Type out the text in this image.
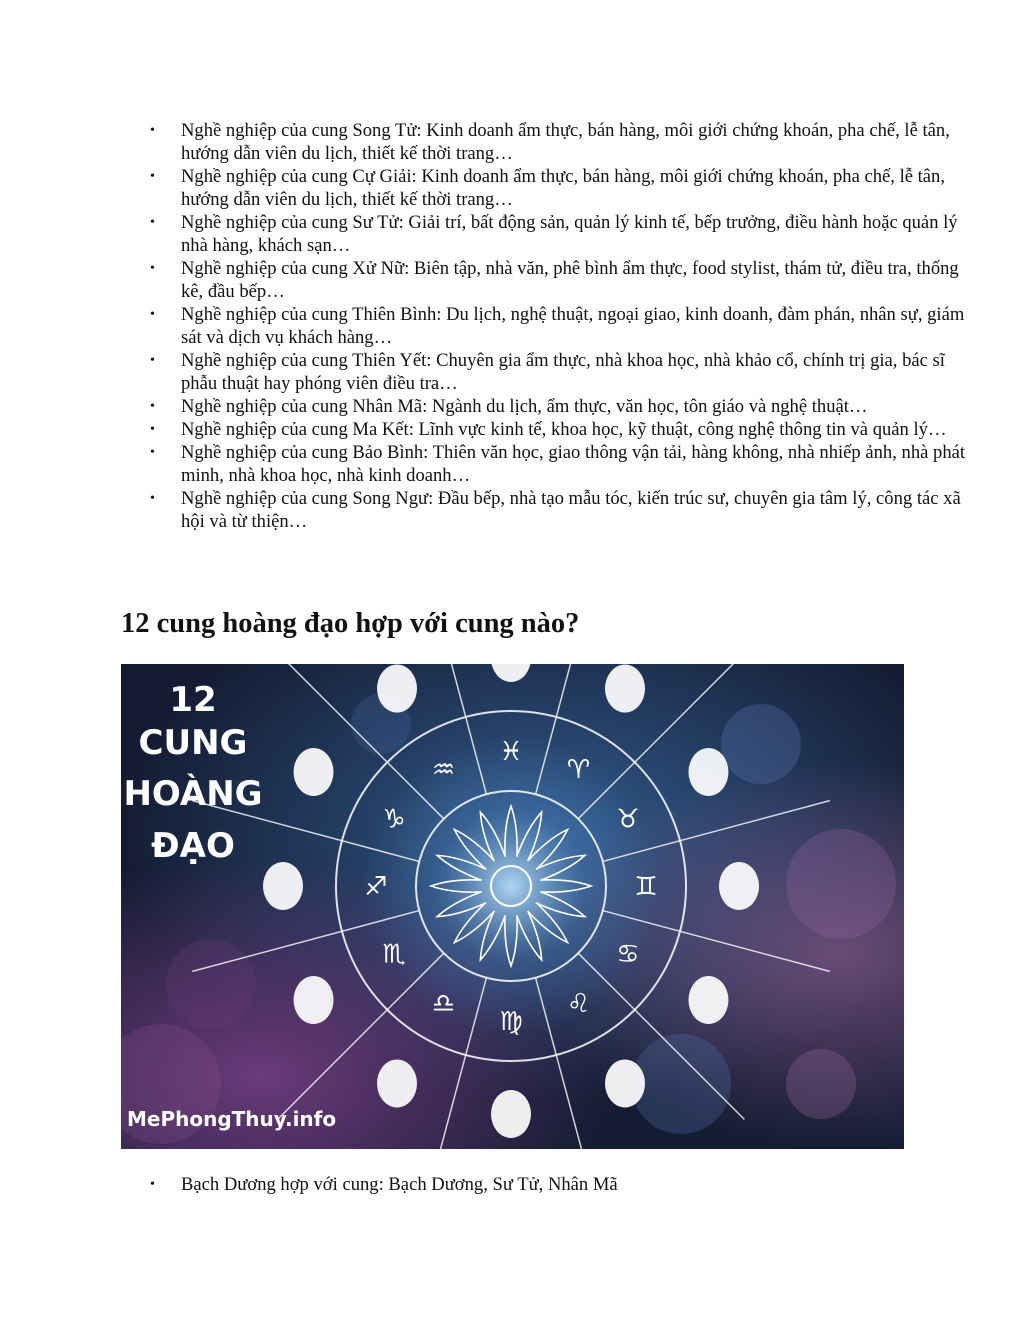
• Nghề nghiệp của cung Song Tử: Kinh doanh ẩm thực, bán hàng, môi giới chứng khoán, pha chế, lễ tân, hướng dẫn viên du lịch, thiết kế thời trang…
• Nghề nghiệp của cung Cự Giải: Kinh doanh ẩm thực, bán hàng, môi giới chứng khoán, pha chế, lễ tân, hướng dẫn viên du lịch, thiết kế thời trang…
• Nghề nghiệp của cung Sư Tử: Giải trí, bất động sản, quản lý kinh tế, bếp trưởng, điều hành hoặc quản lý nhà hàng, khách sạn…
• Nghề nghiệp của cung Xử Nữ: Biên tập, nhà văn, phê bình ẩm thực, food stylist, thám tử, điều tra, thống kê, đầu bếp…
• Nghề nghiệp của cung Thiên Bình: Du lịch, nghệ thuật, ngoại giao, kinh doanh, đàm phán, nhân sự, giám sát và dịch vụ khách hàng…
• Nghề nghiệp của cung Thiên Yết: Chuyên gia ẩm thực, nhà khoa học, nhà khảo cổ, chính trị gia, bác sĩ phẫu thuật hay phóng viên điều tra…
• Nghề nghiệp của cung Nhân Mã: Ngành du lịch, ẩm thực, văn học, tôn giáo và nghệ thuật…
• Nghề nghiệp của cung Ma Kết: Lĩnh vực kinh tế, khoa học, kỹ thuật, công nghệ thông tin và quản lý…
• Nghề nghiệp của cung Bảo Bình: Thiên văn học, giao thông vận tải, hàng không, nhà nhiếp ảnh, nhà phát minh, nhà khoa học, nhà kinh doanh…
• Nghề nghiệp của cung Song Ngư: Đầu bếp, nhà tạo mẫu tóc, kiến trúc sư, chuyên gia tâm lý, công tác xã hội và từ thiện…
12 cung hoàng đạo hợp với cung nào?
♈
♉
♊
♋
♌
♍
♎
♏
♐
♑
♒
♓
12
CUNG
HOÀNG
ĐẠO
MePhongThuy.info
• Bạch Dương hợp với cung: Bạch Dương, Sư Tử, Nhân Mã
